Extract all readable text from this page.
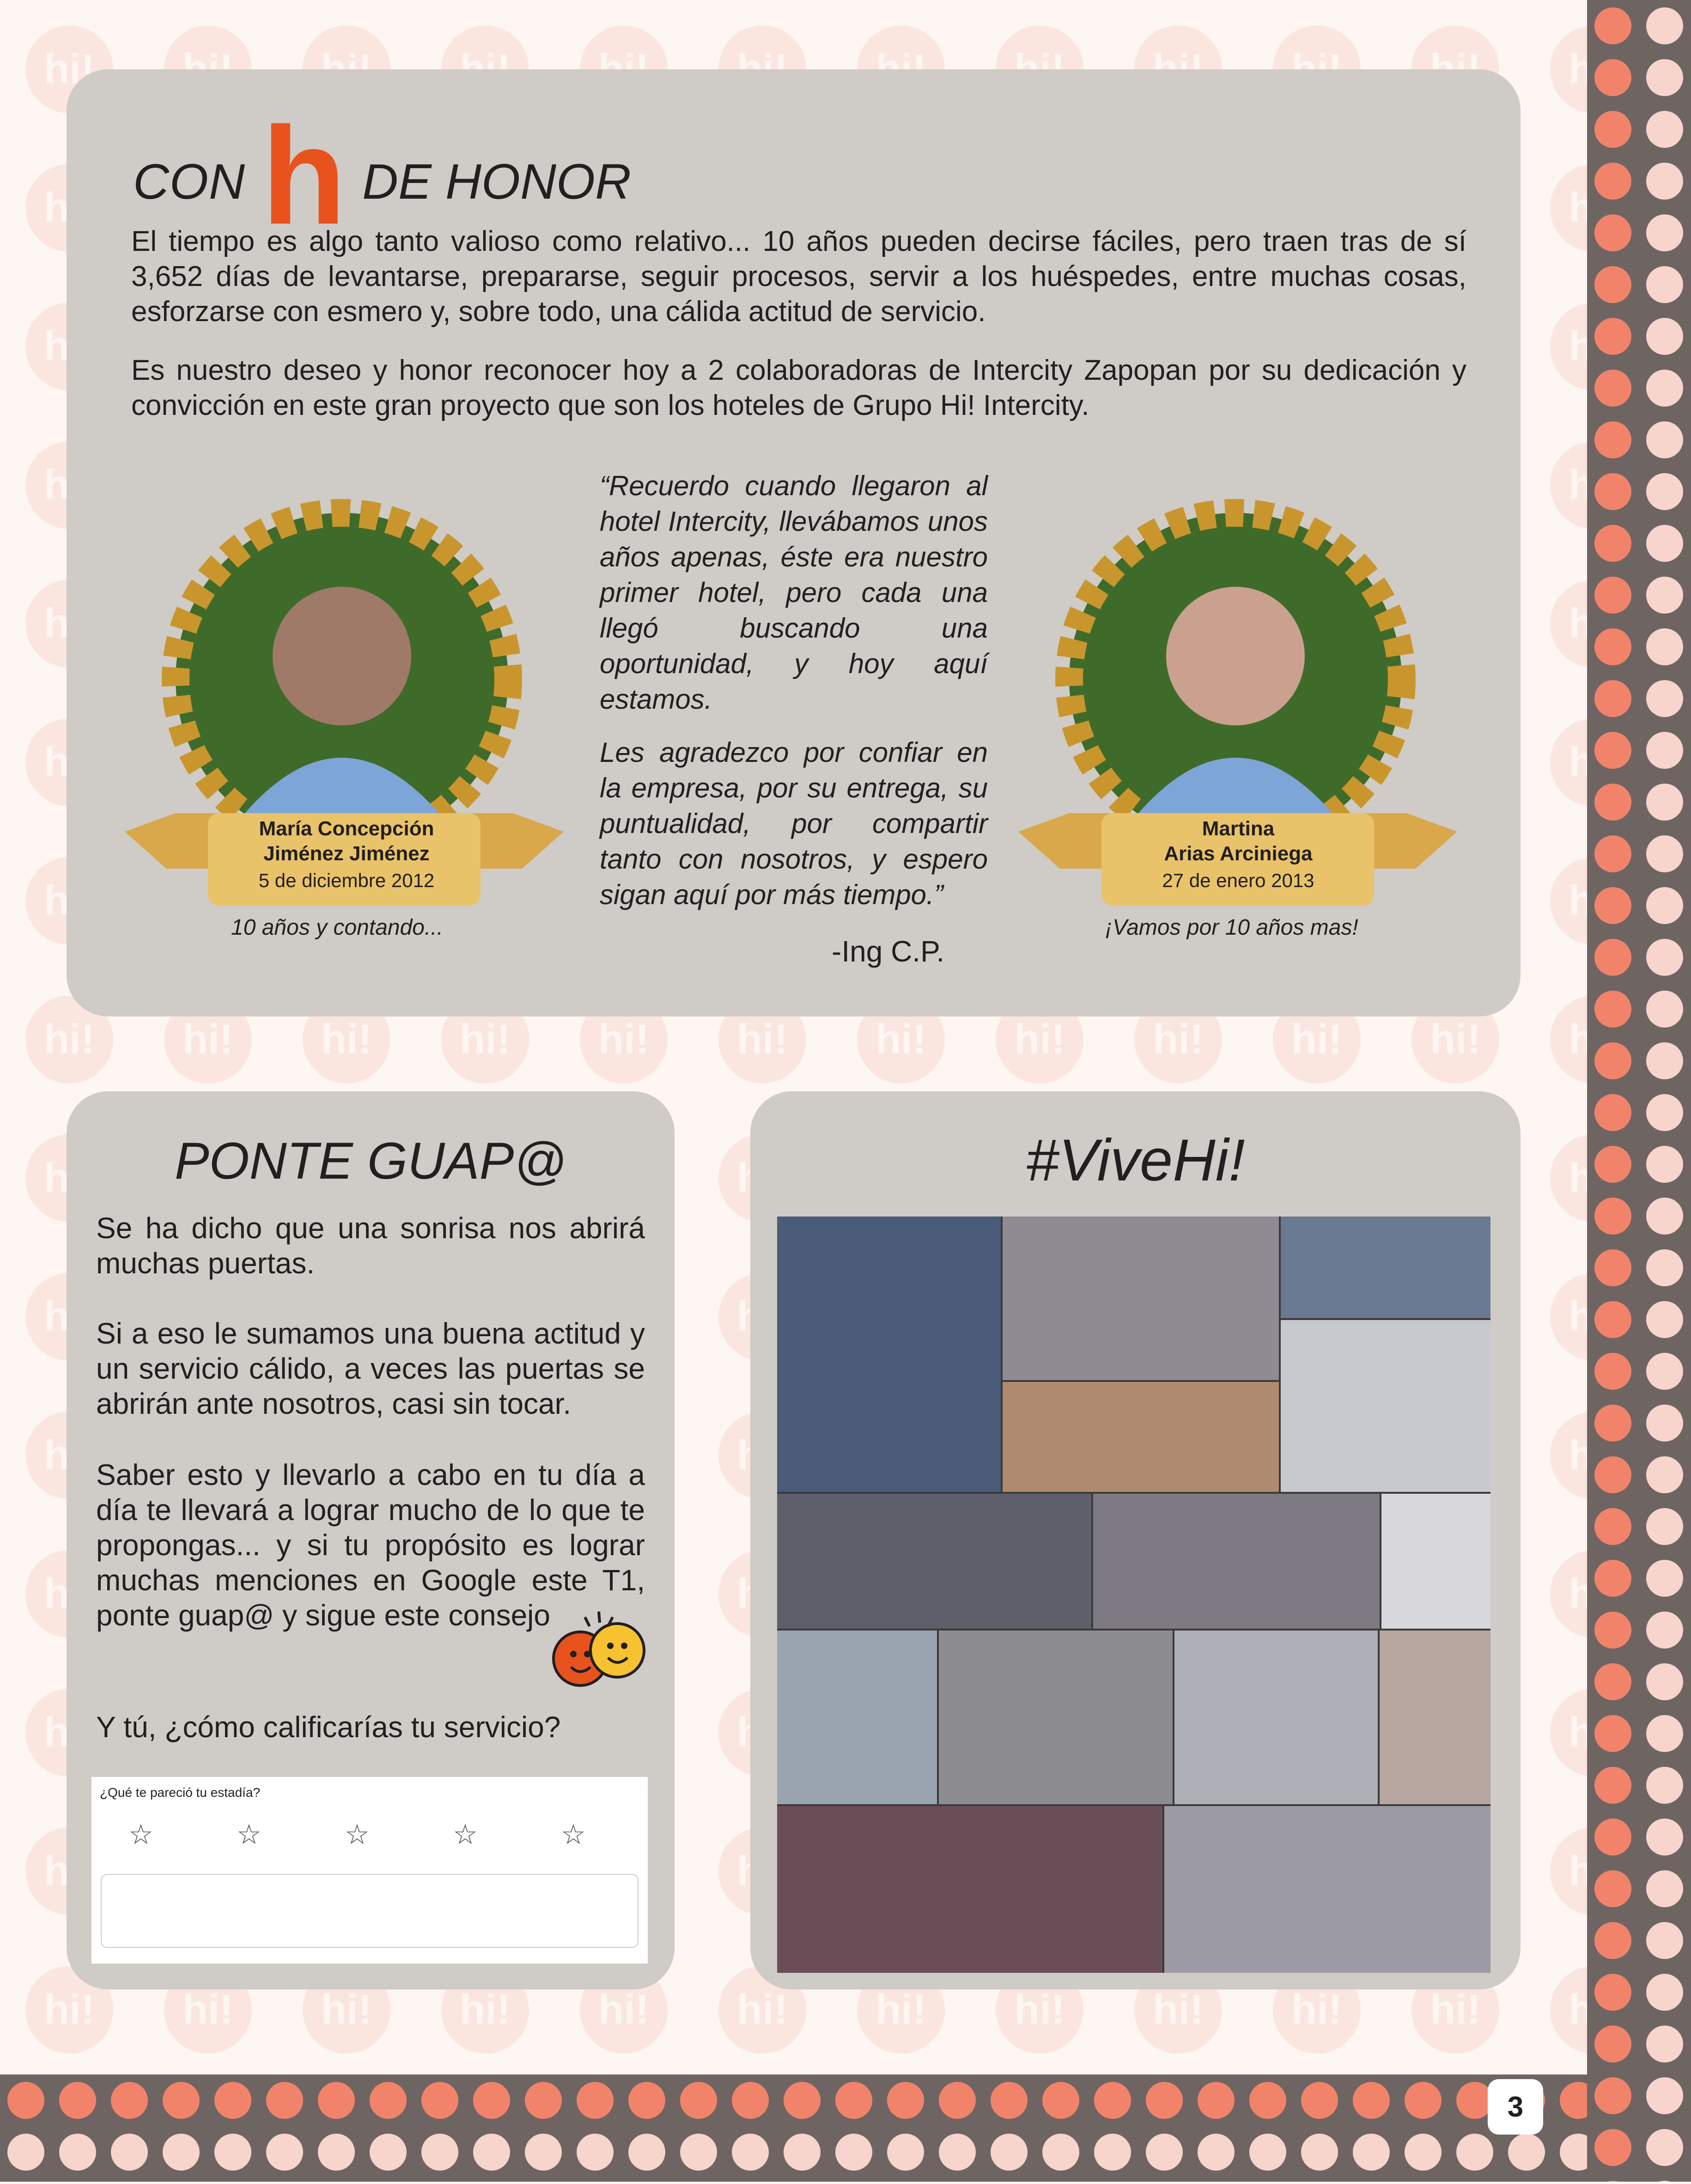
3
CON h DE HONOR
El tiempo es algo tanto valioso como relativo... 10 años pueden decirse fáciles, pero traen tras de sí 3,652 días de levantarse, prepararse, seguir procesos, servir a los huéspedes, entre muchas cosas, esforzarse con esmero y, sobre todo, una cálida actitud de servicio.
Es nuestro deseo y honor reconocer hoy a 2 colaboradoras de Intercity Zapopan por su dedicación y convicción en este gran proyecto que son los hoteles de Grupo Hi! Intercity.
María Concepción
Jiménez Jiménez
5 de diciembre 2012
10 años y contando...
Martina
Arias Arciniega
27 de enero 2013
¡Vamos por 10 años mas!
“Recuerdo cuando llegaron al hotel Intercity, llevábamos unos años apenas, éste era nuestro primer hotel, pero cada una llegó buscando una oportunidad, y hoy aquí estamos.
Les agradezco por confiar en la empresa, por su entrega, su puntualidad, por compartir tanto con nosotros, y espero sigan aquí por más tiempo.”
-Ing C.P.
PONTE GUAP@
Se ha dicho que una sonrisa nos abrirá muchas puertas.
Si a eso le sumamos una buena actitud y un servicio cálido, a veces las puertas se abrirán ante nosotros, casi sin tocar.
Saber esto y llevarlo a cabo en tu día a día te llevará a lograr mucho de lo que te propongas... y si tu propósito es lograr muchas menciones en Google este T1, ponte guap@ y sigue este consejo
Y tú, ¿cómo calificarías tu servicio?
¿Qué te pareció tu estadía?
☆	☆	☆	☆	☆
#ViveHi!
